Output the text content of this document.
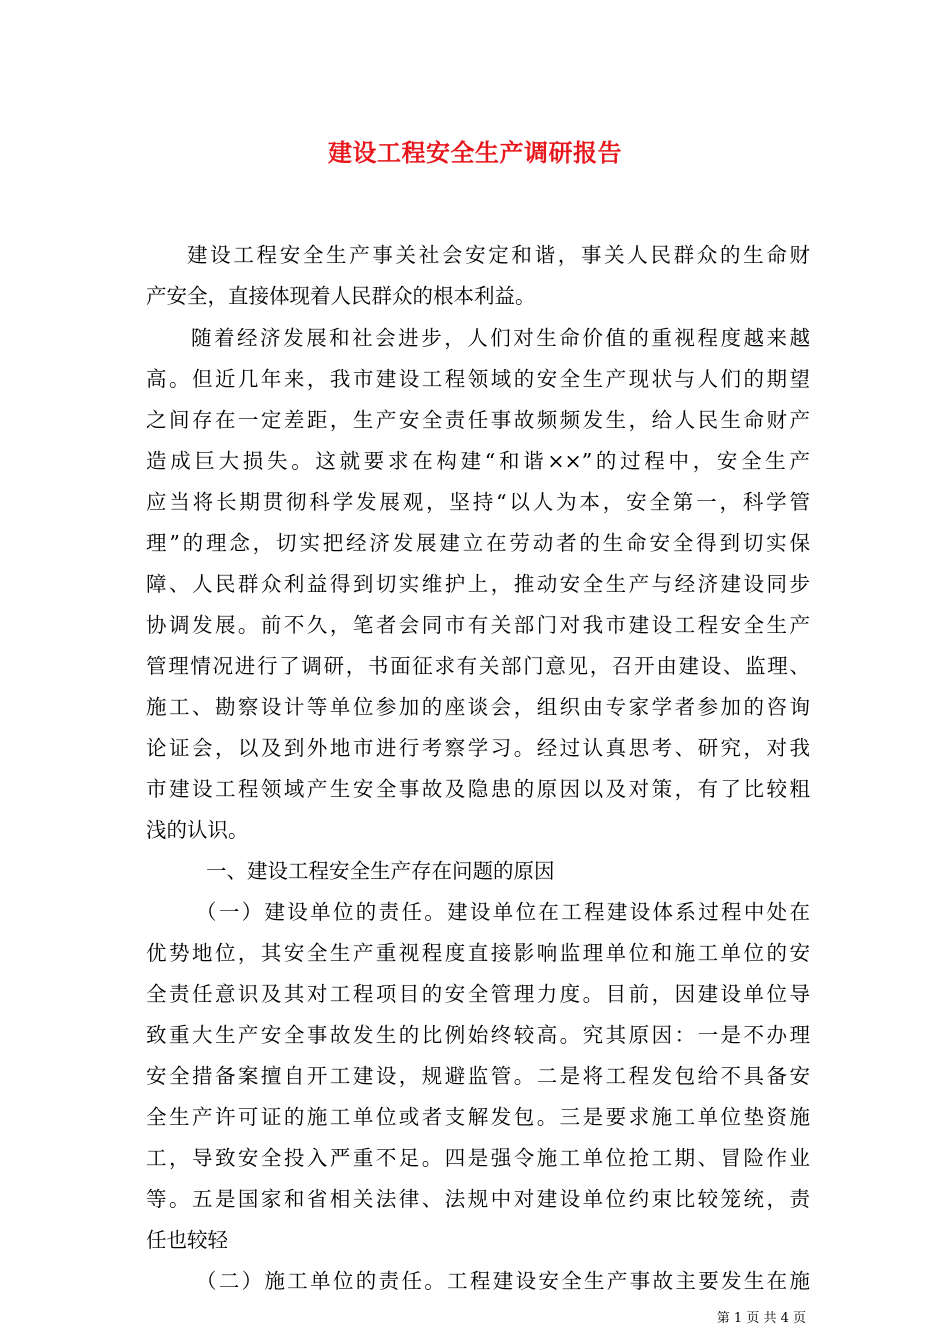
建设工程安全生产调研报告
建设工程安全生产事关社会安定和谐，事关人民群众的生命财
产安全，直接体现着人民群众的根本利益。
随着经济发展和社会进步，人们对生命价值的重视程度越来越
高。但近几年来，我市建设工程领域的安全生产现状与人们的期望
之间存在一定差距，生产安全责任事故频频发生，给人民生命财产
造成巨大损失。这就要求在构建“和谐××”的过程中，安全生产
应当将长期贯彻科学发展观，坚持“以人为本，安全第一，科学管
理”的理念，切实把经济发展建立在劳动者的生命安全得到切实保
障、人民群众利益得到切实维护上，推动安全生产与经济建设同步
协调发展。前不久，笔者会同市有关部门对我市建设工程安全生产
管理情况进行了调研，书面征求有关部门意见，召开由建设、监理、
施工、勘察设计等单位参加的座谈会，组织由专家学者参加的咨询
论证会，以及到外地市进行考察学习。经过认真思考、研究，对我
市建设工程领域产生安全事故及隐患的原因以及对策，有了比较粗
浅的认识。
一、建设工程安全生产存在问题的原因
（一）建设单位的责任。建设单位在工程建设体系过程中处在
优势地位，其安全生产重视程度直接影响监理单位和施工单位的安
全责任意识及其对工程项目的安全管理力度。目前，因建设单位导
致重大生产安全事故发生的比例始终较高。究其原因：一是不办理
安全措备案擅自开工建设，规避监管。二是将工程发包给不具备安
全生产许可证的施工单位或者支解发包。三是要求施工单位垫资施
工，导致安全投入严重不足。四是强令施工单位抢工期、冒险作业
等。五是国家和省相关法律、法规中对建设单位约束比较笼统，责
任也较轻
（二）施工单位的责任。工程建设安全生产事故主要发生在施
第 1 页 共 4 页
